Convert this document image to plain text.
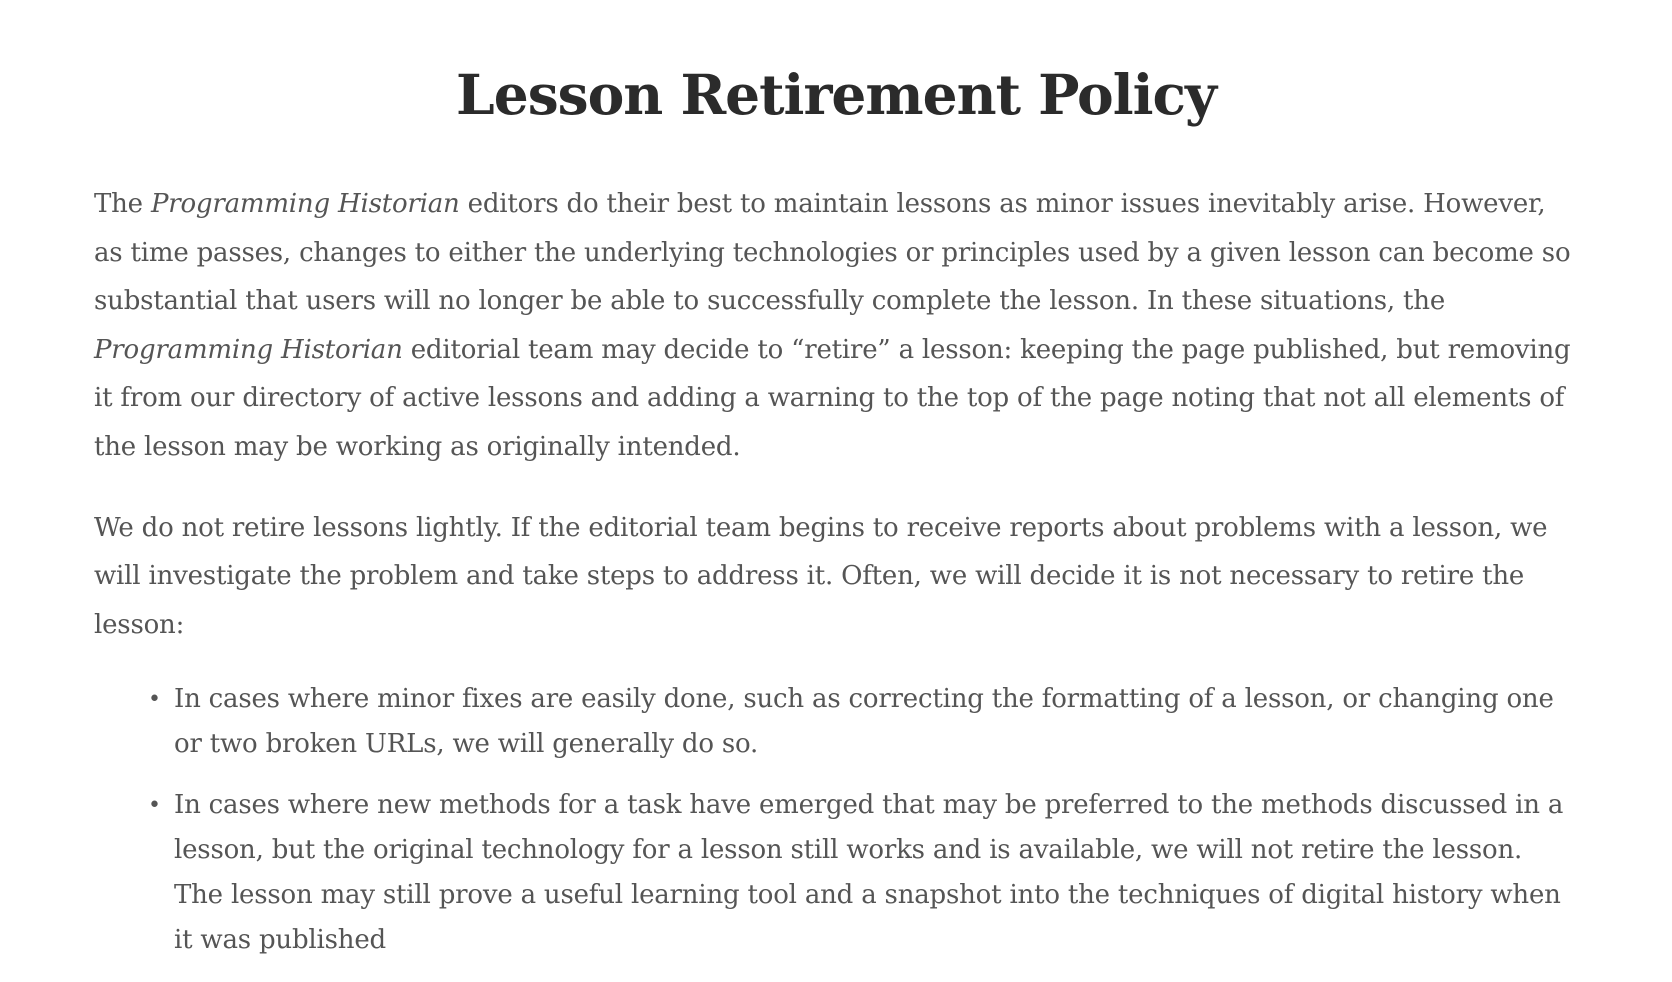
Lesson Retirement Policy

The Programming Historian editors do their best to maintain lessons as minor issues inevitably arise. However, as time passes, changes to either the underlying technologies or principles used by a given lesson can become so substantial that users will no longer be able to successfully complete the lesson. In these situations, the Programming Historian editorial team may decide to “retire” a lesson: keeping the page published, but removing it from our directory of active lessons and adding a warning to the top of the page noting that not all elements of the lesson may be working as originally intended.

We do not retire lessons lightly. If the editorial team begins to receive reports about problems with a lesson, we will investigate the problem and take steps to address it. Often, we will decide it is not necessary to retire the lesson:

• In cases where minor fixes are easily done, such as correcting the formatting of a lesson, or changing one or two broken URLs, we will generally do so.
• In cases where new methods for a task have emerged that may be preferred to the methods discussed in a lesson, but the original technology for a lesson still works and is available, we will not retire the lesson. The lesson may still prove a useful learning tool and a snapshot into the techniques of digital history when it was published
